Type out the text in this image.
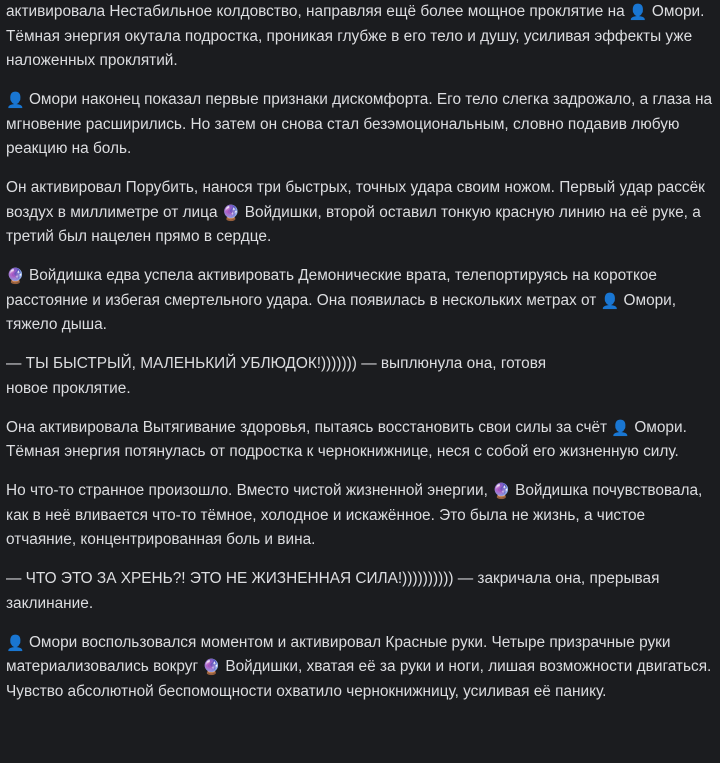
активировала Нестабильное колдовство, направляя ещё более мощное проклятие на 👤 Омори. Тёмная энергия окутала подростка, проникая глубже в его тело и душу, усиливая эффекты уже наложенных проклятий.

👤 Омори наконец показал первые признаки дискомфорта. Его тело слегка задрожало, а глаза на мгновение расширились. Но затем он снова стал безэмоциональным, словно подавив любую реакцию на боль.

Он активировал Порубить, нанося три быстрых, точных удара своим ножом. Первый удар рассёк воздух в миллиметре от лица 🔮 Войдишки, второй оставил тонкую красную линию на её руке, а третий был нацелен прямо в сердце.

🔮 Войдишка едва успела активировать Демонические врата, телепортируясь на короткое расстояние и избегая смертельного удара. Она появилась в нескольких метрах от 👤 Омори, тяжело дыша.

— ТЫ БЫСТРЫЙ, МАЛЕНЬКИЙ УБЛЮДОК!))))))) — выплюнула она, готовя
новое проклятие.

Она активировала Вытягивание здоровья, пытаясь восстановить свои силы за счёт 👤 Омори. Тёмная энергия потянулась от подростка к чернокнижнице, неся с собой его жизненную силу.

Но что-то странное произошло. Вместо чистой жизненной энергии, 🔮 Войдишка почувствовала, как в неё вливается что-то тёмное, холодное и искажённое. Это была не жизнь, а чистое отчаяние, концентрированная боль и вина.

— ЧТО ЭТО ЗА ХРЕНЬ?! ЭТО НЕ ЖИЗНЕННАЯ СИЛА!)))))))))) — закричала она, прерывая заклинание.

👤 Омори воспользовался моментом и активировал Красные руки. Четыре призрачные руки материализовались вокруг 🔮 Войдишки, хватая её за руки и ноги, лишая возможности двигаться. Чувство абсолютной беспомощности охватило чернокнижницу, усиливая её панику.
